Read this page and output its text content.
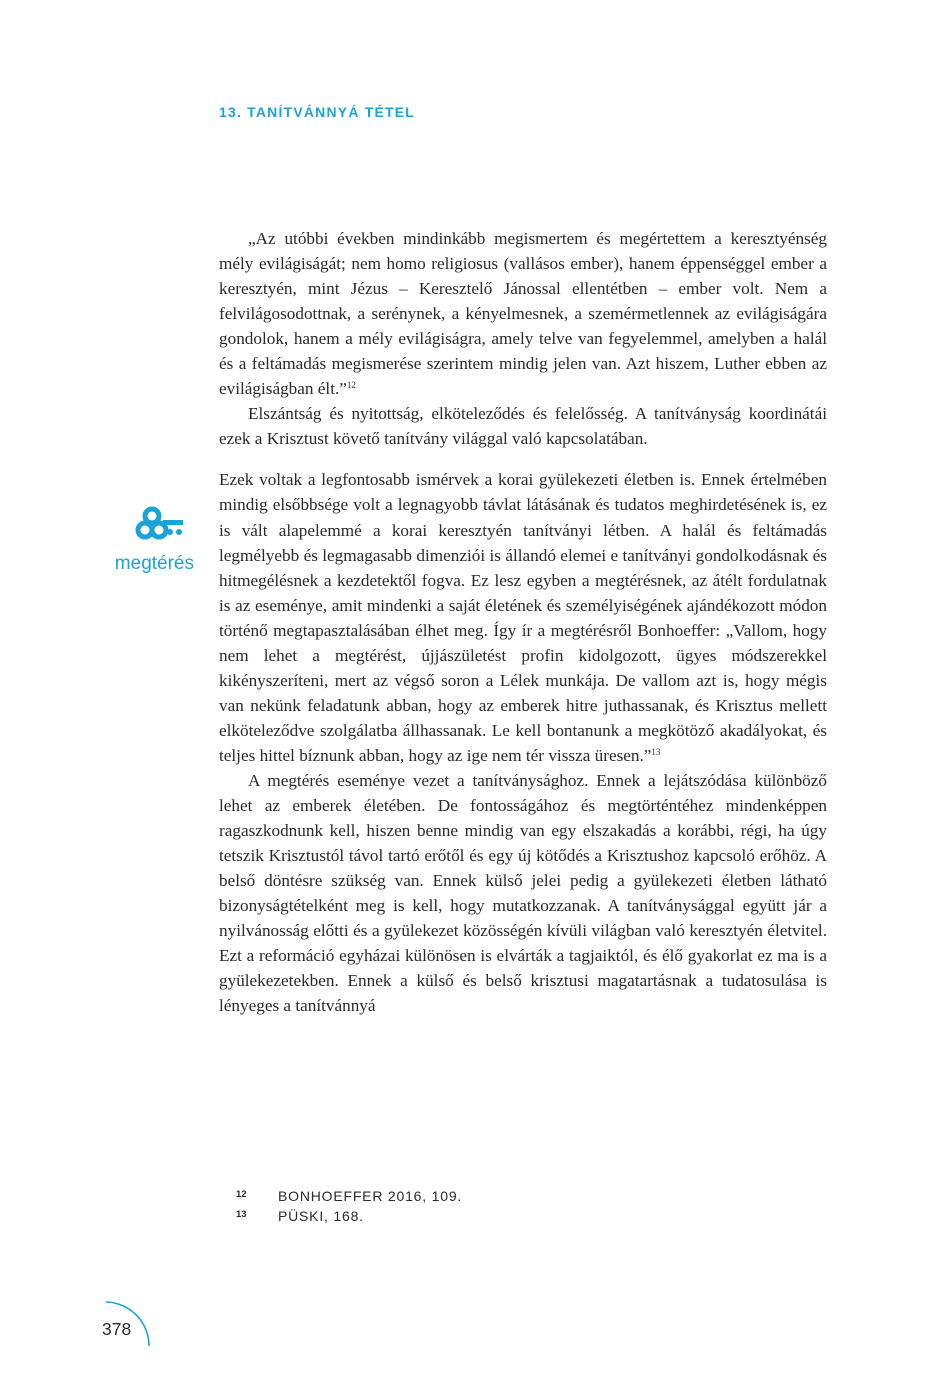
13. TANÍTVÁNNYÁ TÉTEL
megtérés

„Az utóbbi években mindinkább megismertem és megértettem a keresztyénség mély evilágiságát; nem homo religiosus (vallásos ember), hanem éppenséggel ember a keresztyén, mint Jézus – Keresztelő Jánossal ellentétben – ember volt. Nem a felvilágosodottnak, a serénynek, a kényelmesnek, a szemérmetlennek az evilágiságára gondolok, hanem a mély evilágiságra, amely telve van fegyelemmel, amelyben a halál és a feltámadás megismerése szerintem mindig jelen van. Azt hiszem, Luther ebben az evilágiságban élt.”$^{12}$

Elszántság és nyitottság, elköteleződés és felelősség. A tanítványság koordinátái ezek a Krisztust követő tanítvány világgal való kapcsolatában.

Ezek voltak a legfontosabb ismérvek a korai gyülekezeti életben is. Ennek értelmében mindig elsőbbsége volt a legnagyobb távlat látásának és tudatos meghirdetésének is, ez is vált alapelemmé a korai keresztyén tanítványi létben. A halál és feltámadás legmélyebb és legmagasabb dimenziói is állandó elemei e tanítványi gondolkodásnak és hitmegélésnek a kezdetektől fogva. Ez lesz egyben a megtérésnek, az átélt fordulatnak is az eseménye, amit mindenki a saját életének és személyiségének ajándékozott módon történő megtapasztalásában élhet meg. Így ír a megtérésről Bonhoeffer: „Vallom, hogy nem lehet a megtérést, újjászületést profin kidolgozott, ügyes módszerekkel kikényszeríteni, mert az végső soron a Lélek munkája. De vallom azt is, hogy mégis van nekünk feladatunk abban, hogy az emberek hitre juthassanak, és Krisztus mellett elköteleződve szolgálatba állhassanak. Le kell bontanunk a megkötöző akadályokat, és teljes hittel bíznunk abban, hogy az ige nem tér vissza üresen.”$^{13}$

A megtérés eseménye vezet a tanítványsághoz. Ennek a lejátszódása különböző lehet az emberek életében. De fontosságához és megtörténtéhez mindenképpen ragaszkodnunk kell, hiszen benne mindig van egy elszakadás a korábbi, régi, ha úgy tetszik Krisztustól távol tartó erőtől és egy új kötődés a Krisztushoz kapcsoló erőhöz. A belső döntésre szükség van. Ennek külső jelei pedig a gyülekezeti életben látható bizonyságtételként meg is kell, hogy mutatkozzanak. A tanítványsággal együtt jár a nyilvánosság előtti és a gyülekezet közösségén kívüli világban való keresztyén életvitel. Ezt a reformáció egyházai különösen is elvárták a tagjaiktól, és élő gyakorlat ez ma is a gyülekezetekben. Ennek a külső és belső krisztusi magatartásnak a tudatosulása is lényeges a tanítvánnyá

12	BONHOEFFER 2016, 109.
13	PÜSKI, 168.
378
